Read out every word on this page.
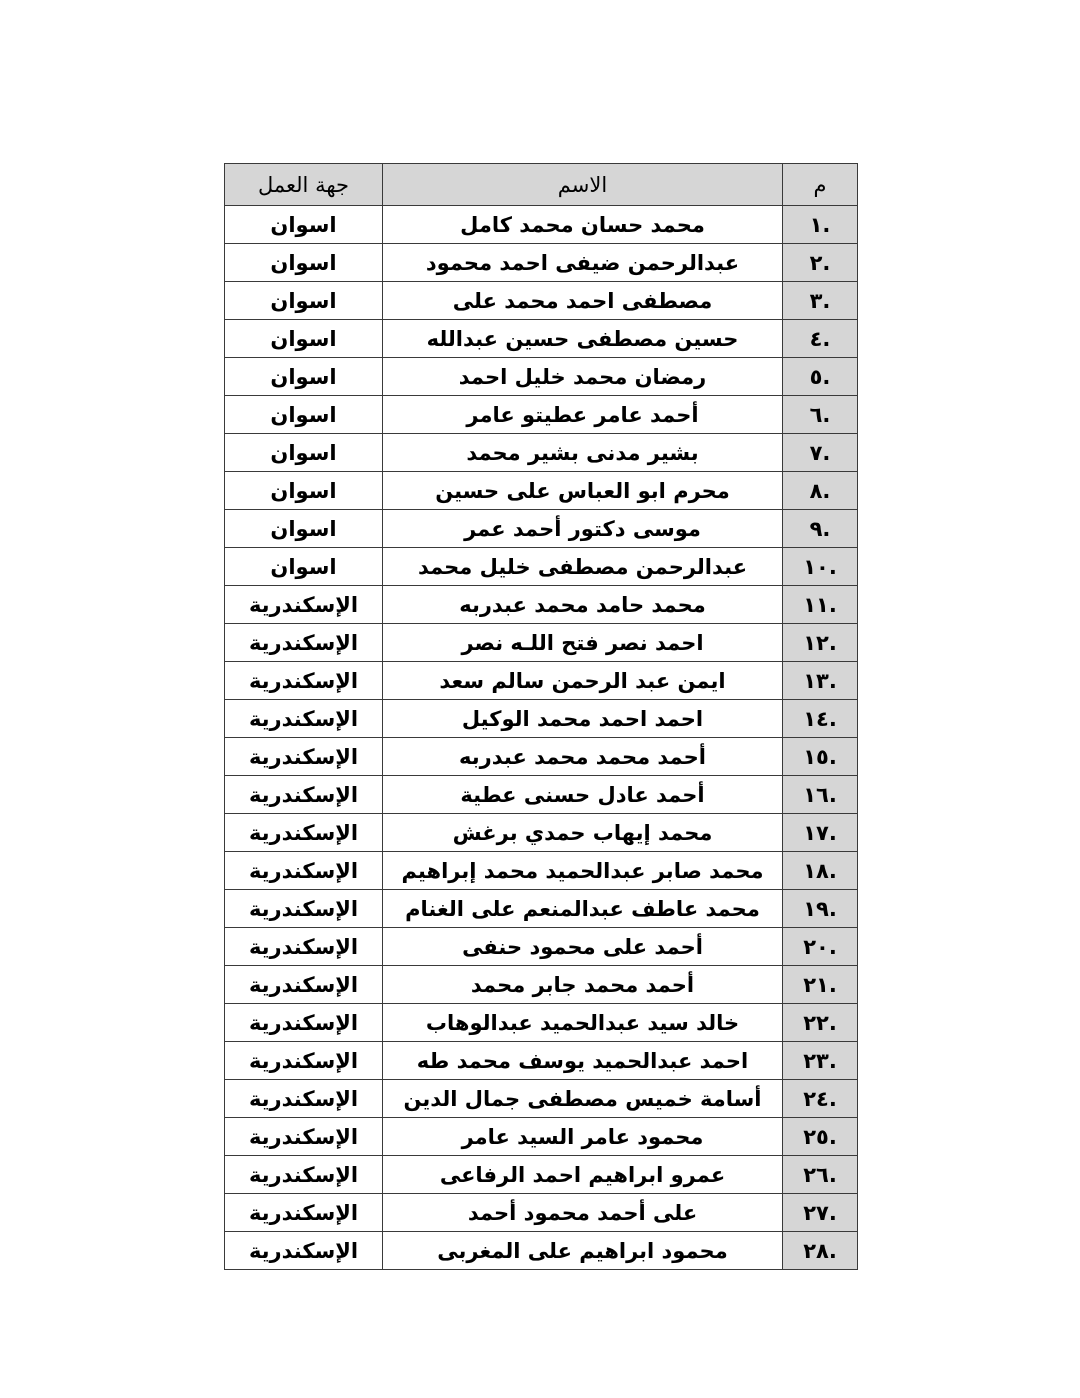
م	الاسم	جهة العمل
.١	محمد حسان محمد كامل	اسوان
.٢	عبدالرحمن ضيفى احمد محمود	اسوان
.٣	مصطفى احمد محمد على	اسوان
.٤	حسين مصطفى حسين عبدالله	اسوان
.٥	رمضان محمد خليل احمد	اسوان
.٦	أحمد عامر عطيتو عامر	اسوان
.٧	بشير مدنى بشير محمد	اسوان
.٨	محرم ابو العباس على حسين	اسوان
.٩	موسى دكتور أحمد عمر	اسوان
.١٠	عبدالرحمن مصطفى خليل محمد	اسوان
.١١	محمد حامد محمد عبدربه	الإسكندرية
.١٢	احمد نصر فتح اللـه نصر	الإسكندرية
.١٣	ايمن عبد الرحمن سالم سعد	الإسكندرية
.١٤	احمد احمد محمد الوكيل	الإسكندرية
.١٥	أحمد محمد محمد عبدربه	الإسكندرية
.١٦	أحمد عادل حسنى عطية	الإسكندرية
.١٧	محمد إيهاب حمدي برغش	الإسكندرية
.١٨	محمد صابر عبدالحميد محمد إبراهيم	الإسكندرية
.١٩	محمد عاطف عبدالمنعم على الغنام	الإسكندرية
.٢٠	أحمد على محمود حنفى	الإسكندرية
.٢١	أحمد محمد جابر محمد	الإسكندرية
.٢٢	خالد سيد عبدالحميد عبدالوهاب	الإسكندرية
.٢٣	احمد عبدالحميد يوسف محمد طه	الإسكندرية
.٢٤	أسامة خميس مصطفى جمال الدين	الإسكندرية
.٢٥	محمود عامر السيد عامر	الإسكندرية
.٢٦	عمرو ابراهيم احمد الرفاعى	الإسكندرية
.٢٧	على أحمد محمود أحمد	الإسكندرية
.٢٨	محمود ابراهيم على المغربى	الإسكندرية
